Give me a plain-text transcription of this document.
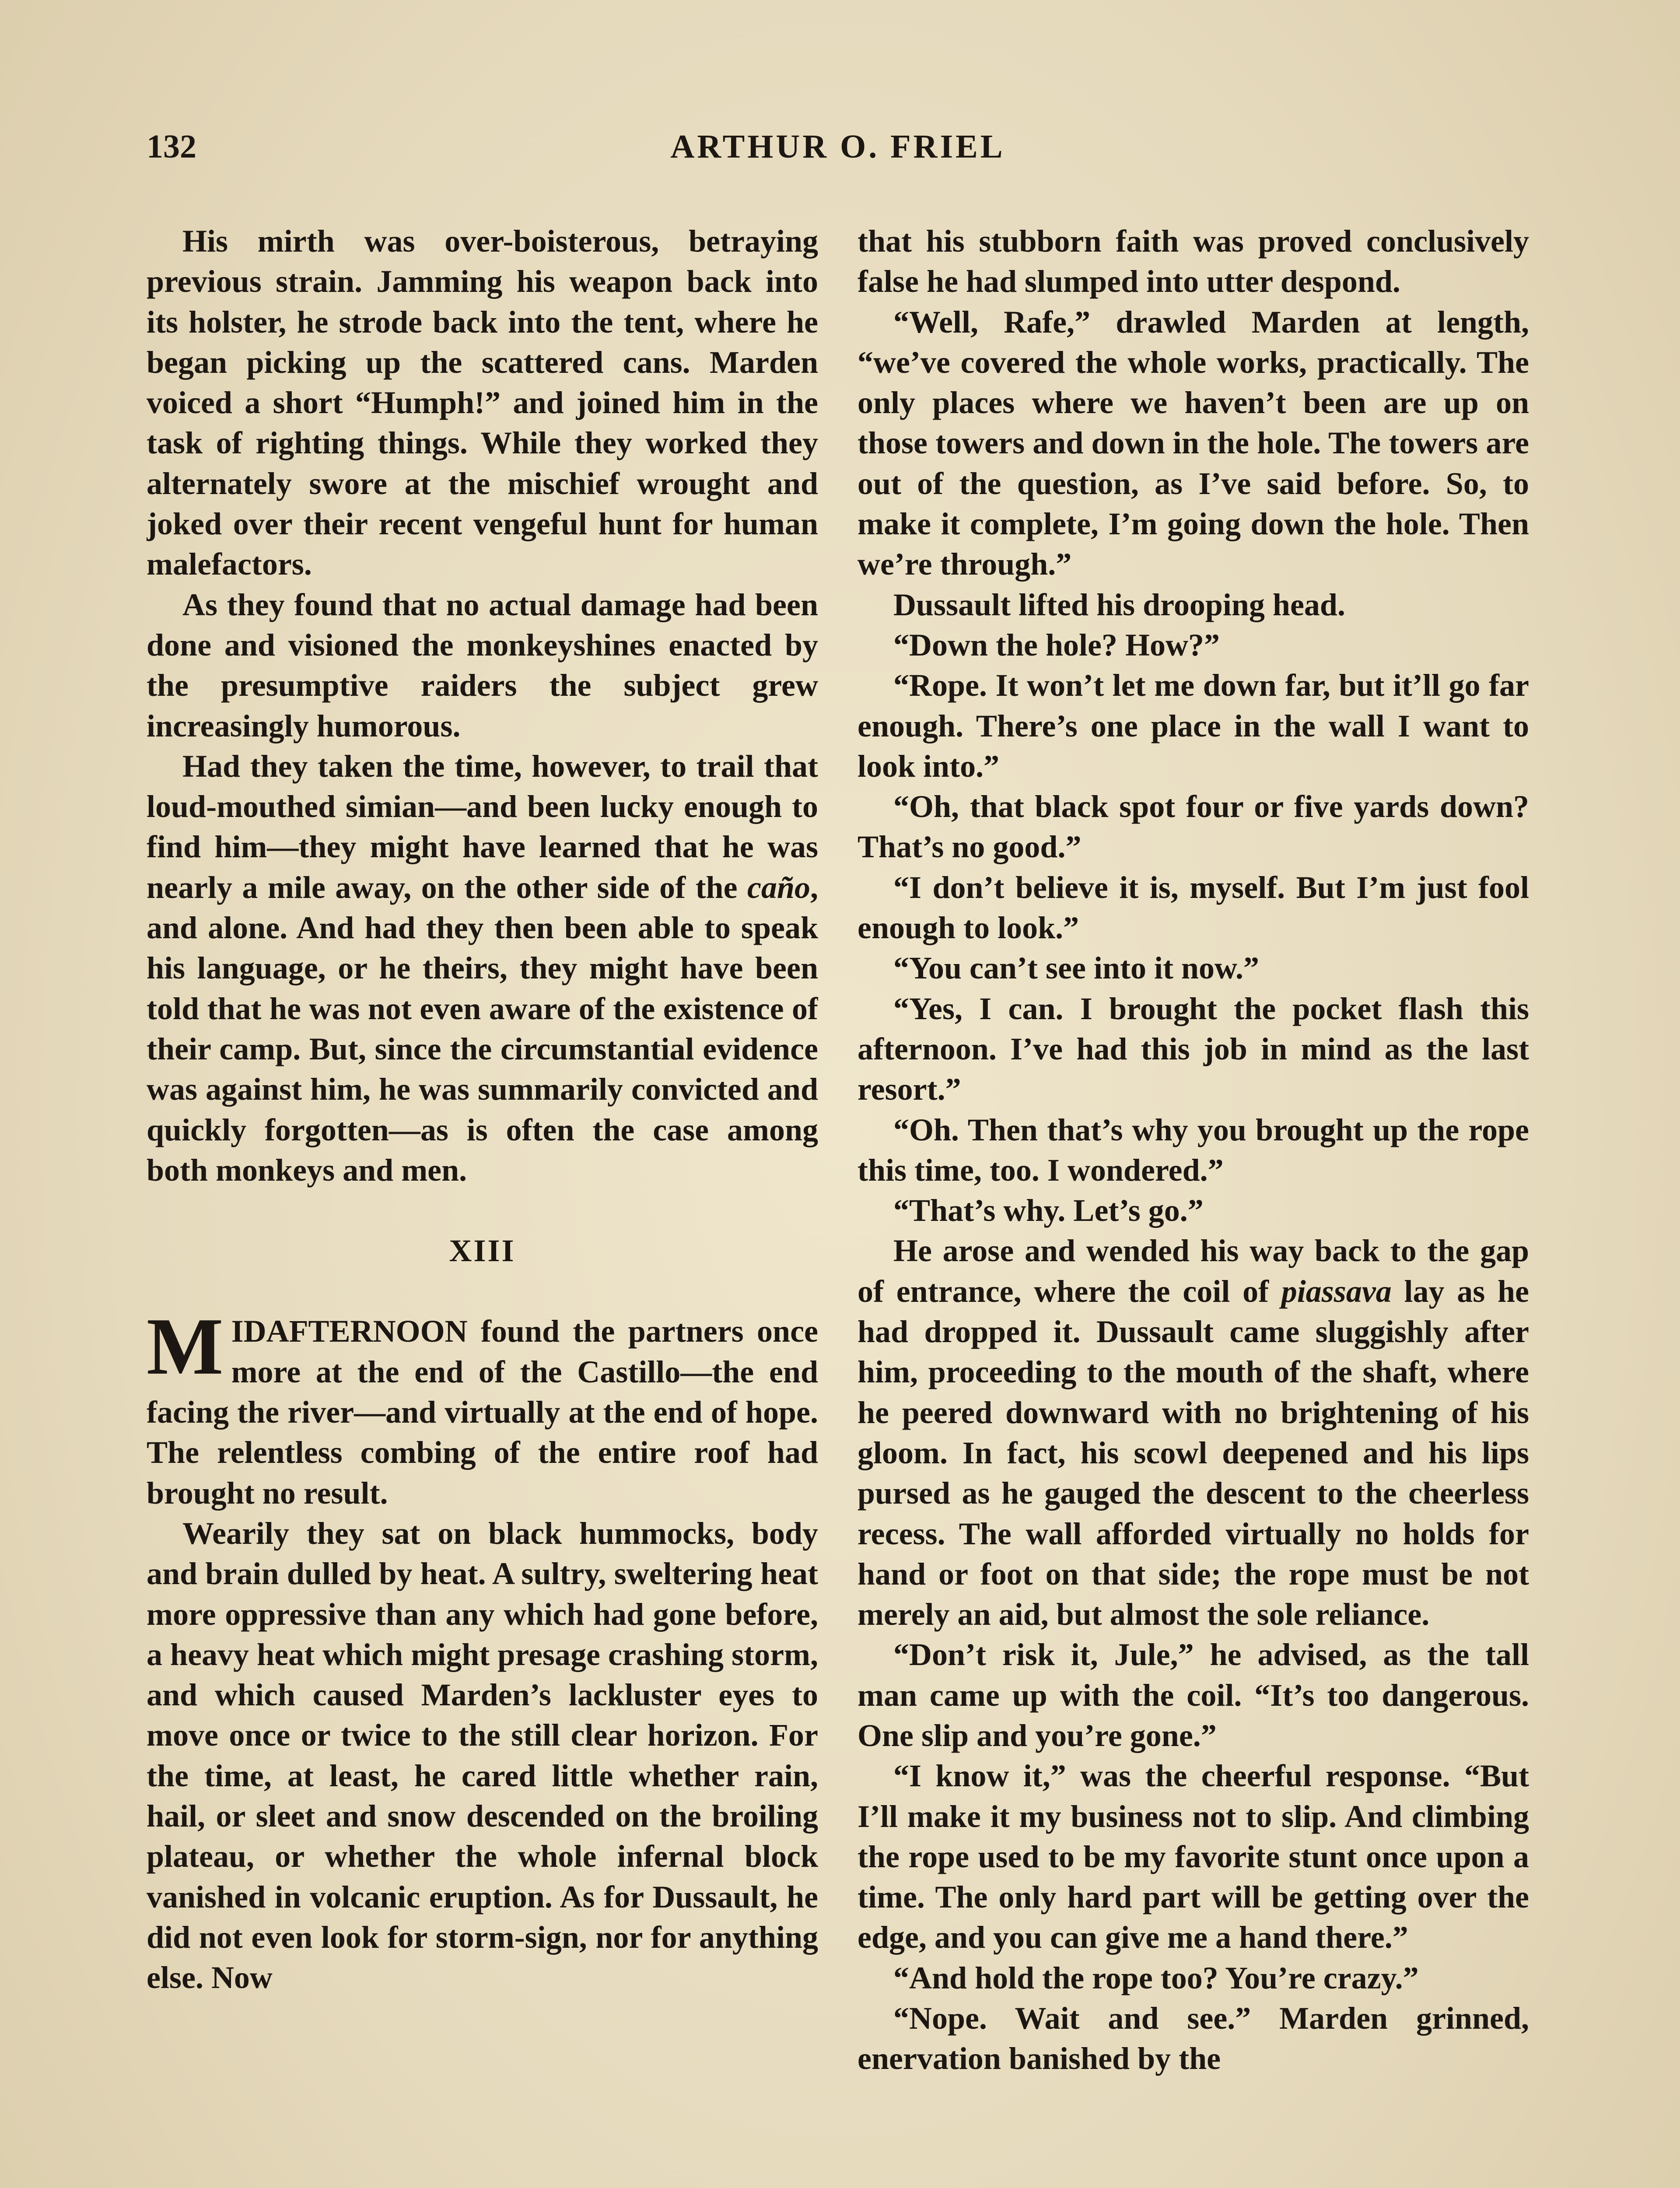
132	ARTHUR O. FRIEL

His mirth was over-boisterous, betraying previous strain. Jamming his weapon back into its holster, he strode back into the tent, where he began picking up the scattered cans. Marden voiced a short “Humph!” and joined him in the task of righting things. While they worked they alternately swore at the mischief wrought and joked over their recent vengeful hunt for human malefactors.

As they found that no actual damage had been done and visioned the monkeyshines enacted by the presumptive raiders the subject grew increasingly humorous.

Had they taken the time, however, to trail that loud-mouthed simian—and been lucky enough to find him—they might have learned that he was nearly a mile away, on the other side of the caño, and alone. And had they then been able to speak his language, or he theirs, they might have been told that he was not even aware of the existence of their camp. But, since the circumstantial evidence was against him, he was summarily convicted and quickly forgotten—as is often the case among both monkeys and men.

XIII

MIDAFTERNOON found the partners once more at the end of the Castillo—the end facing the river—and virtually at the end of hope. The relentless combing of the entire roof had brought no result.

Wearily they sat on black hummocks, body and brain dulled by heat. A sultry, sweltering heat more oppressive than any which had gone before, a heavy heat which might presage crashing storm, and which caused Marden’s lackluster eyes to move once or twice to the still clear horizon. For the time, at least, he cared little whether rain, hail, or sleet and snow descended on the broiling plateau, or whether the whole infernal block vanished in volcanic eruption. As for Dussault, he did not even look for storm-sign, nor for anything else. Now

that his stubborn faith was proved conclusively false he had slumped into utter despond.

“Well, Rafe,” drawled Marden at length, “we’ve covered the whole works, practically. The only places where we haven’t been are up on those towers and down in the hole. The towers are out of the question, as I’ve said before. So, to make it complete, I’m going down the hole. Then we’re through.”

Dussault lifted his drooping head.

“Down the hole? How?”

“Rope. It won’t let me down far, but it’ll go far enough. There’s one place in the wall I want to look into.”

“Oh, that black spot four or five yards down? That’s no good.”

“I don’t believe it is, myself. But I’m just fool enough to look.”

“You can’t see into it now.”

“Yes, I can. I brought the pocket flash this afternoon. I’ve had this job in mind as the last resort.”

“Oh. Then that’s why you brought up the rope this time, too. I wondered.”

“That’s why. Let’s go.”

He arose and wended his way back to the gap of entrance, where the coil of piassava lay as he had dropped it. Dussault came sluggishly after him, proceeding to the mouth of the shaft, where he peered downward with no brightening of his gloom. In fact, his scowl deepened and his lips pursed as he gauged the descent to the cheerless recess. The wall afforded virtually no holds for hand or foot on that side; the rope must be not merely an aid, but almost the sole reliance.

“Don’t risk it, Jule,” he advised, as the tall man came up with the coil. “It’s too dangerous. One slip and you’re gone.”

“I know it,” was the cheerful response. “But I’ll make it my business not to slip. And climbing the rope used to be my favorite stunt once upon a time. The only hard part will be getting over the edge, and you can give me a hand there.”

“And hold the rope too? You’re crazy.”

“Nope. Wait and see.” Marden grinned, enervation banished by the
